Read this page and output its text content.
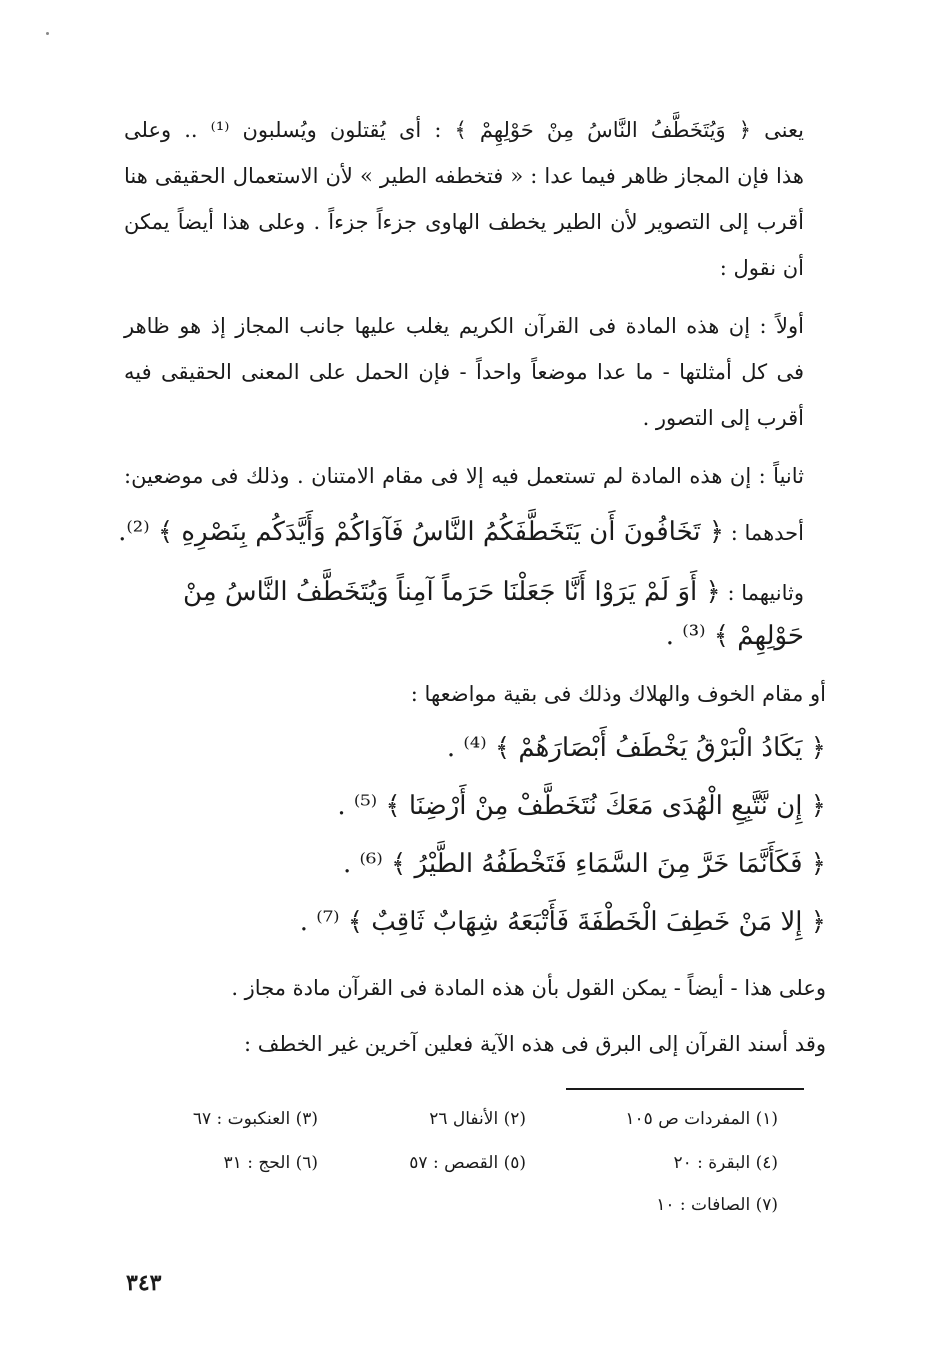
يعنى ﴿ وَيُتَخَطَّفُ النَّاسُ مِنْ حَوْلِهِمْ ﴾ : أى يُقتلون ويُسلبون ⁽¹⁾ .. وعلى
هذا فإن المجاز ظاهر فيما عدا : « فتخطفه الطير » لأن الاستعمال الحقيقى هنا
أقرب إلى التصوير لأن الطير يخطف الهاوى جزءاً جزءاً . وعلى هذا أيضاً يمكن
أن نقول :
أولاً : إن هذه المادة فى القرآن الكريم يغلب عليها جانب المجاز إذ هو ظاهر
فى كل أمثلتها - ما عدا موضعاً واحداً - فإن الحمل على المعنى الحقيقى فيه
أقرب إلى التصور .
ثانياً : إن هذه المادة لم تستعمل فيه إلا فى مقام الامتنان . وذلك فى موضعين:
أحدهما : ﴿ تَخَافُونَ أَن يَتَخَطَّفَكُمُ النَّاسُ فَآوَاكُمْ وَأَيَّدَكُم بِنَصْرِهِ ﴾ ⁽²⁾.
وثانيهما : ﴿ أَوَ لَمْ يَرَوْا أَنَّا جَعَلْنَا حَرَماً آمِناً وَيُتَخَطَّفُ النَّاسُ مِنْ
حَوْلِهِمْ ﴾ ⁽³⁾ .
أو مقام الخوف والهلاك وذلك فى بقية مواضعها :
﴿ يَكَادُ الْبَرْقُ يَخْطَفُ أَبْصَارَهُمْ ﴾ ⁽⁴⁾ .
﴿ إِن نَّتَّبِعِ الْهُدَى مَعَكَ نُتَخَطَّفْ مِنْ أَرْضِنَا ﴾ ⁽⁵⁾ .
﴿ فَكَأَنَّمَا خَرَّ مِنَ السَّمَاءِ فَتَخْطَفُهُ الطَّيْرُ ﴾ ⁽⁶⁾ .
﴿ إِلا مَنْ خَطِفَ الْخَطْفَةَ فَأَتْبَعَهُ شِهَابٌ ثَاقِبٌ ﴾ ⁽⁷⁾ .
وعلى هذا - أيضاً - يمكن القول بأن هذه المادة فى القرآن مادة مجاز .
وقد أسند القرآن إلى البرق فى هذه الآية فعلين آخرين غير الخطف :
(١) المفردات ص ١٠٥
(٢) الأنفال ٢٦
(٣) العنكبوت : ٦٧
(٤) البقرة : ٢٠
(٥) القصص : ٥٧
(٦) الحج : ٣١
(٧) الصافات : ١٠
٣٤٣
